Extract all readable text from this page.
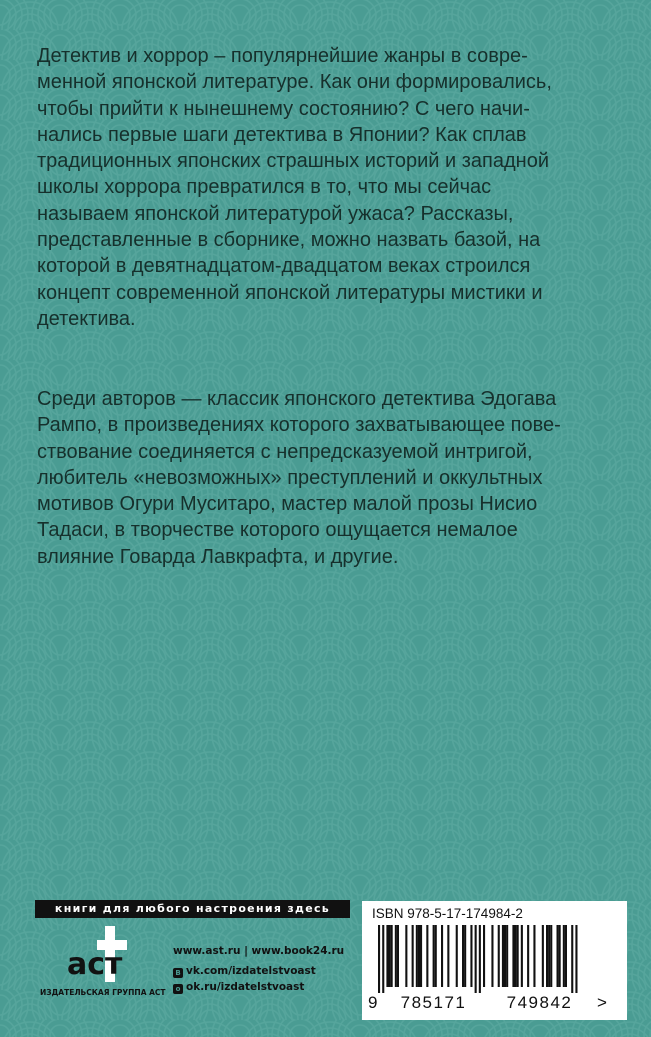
Детектив и хоррор – популярнейшие жанры в совре-
менной японской литературе. Как они формировались,
чтобы прийти к нынешнему состоянию? С чего начи-
нались первые шаги детектива в Японии? Как сплав
традиционных японских страшных историй и западной
школы хоррора превратился в то, что мы сейчас
называем японской литературой ужаса? Рассказы,
представленные в сборнике, можно назвать базой, на
которой в девятнадцатом-двадцатом веках строился
концепт современной японской литературы мистики и
детектива.

Среди авторов — классик японского детектива Эдогава
Рампо, в произведениях которого захватывающее пове-
ствование соединяется с непредсказуемой интригой,
любитель «невозможных» преступлений и оккультных
мотивов Огури Муситаро, мастер малой прозы Нисио
Тадаси, в творчестве которого ощущается немалое
влияние Говарда Лавкрафта, и другие.

книги для любого настроения здесь
аст
ИЗДАТЕЛЬСКАЯ ГРУППА АСТ
www.ast.ru | www.book24.ru
B vk.com/izdatelstvoast
o ok.ru/izdatelstvoast
ISBN 978-5-17-174984-2
9	785171	749842	>
